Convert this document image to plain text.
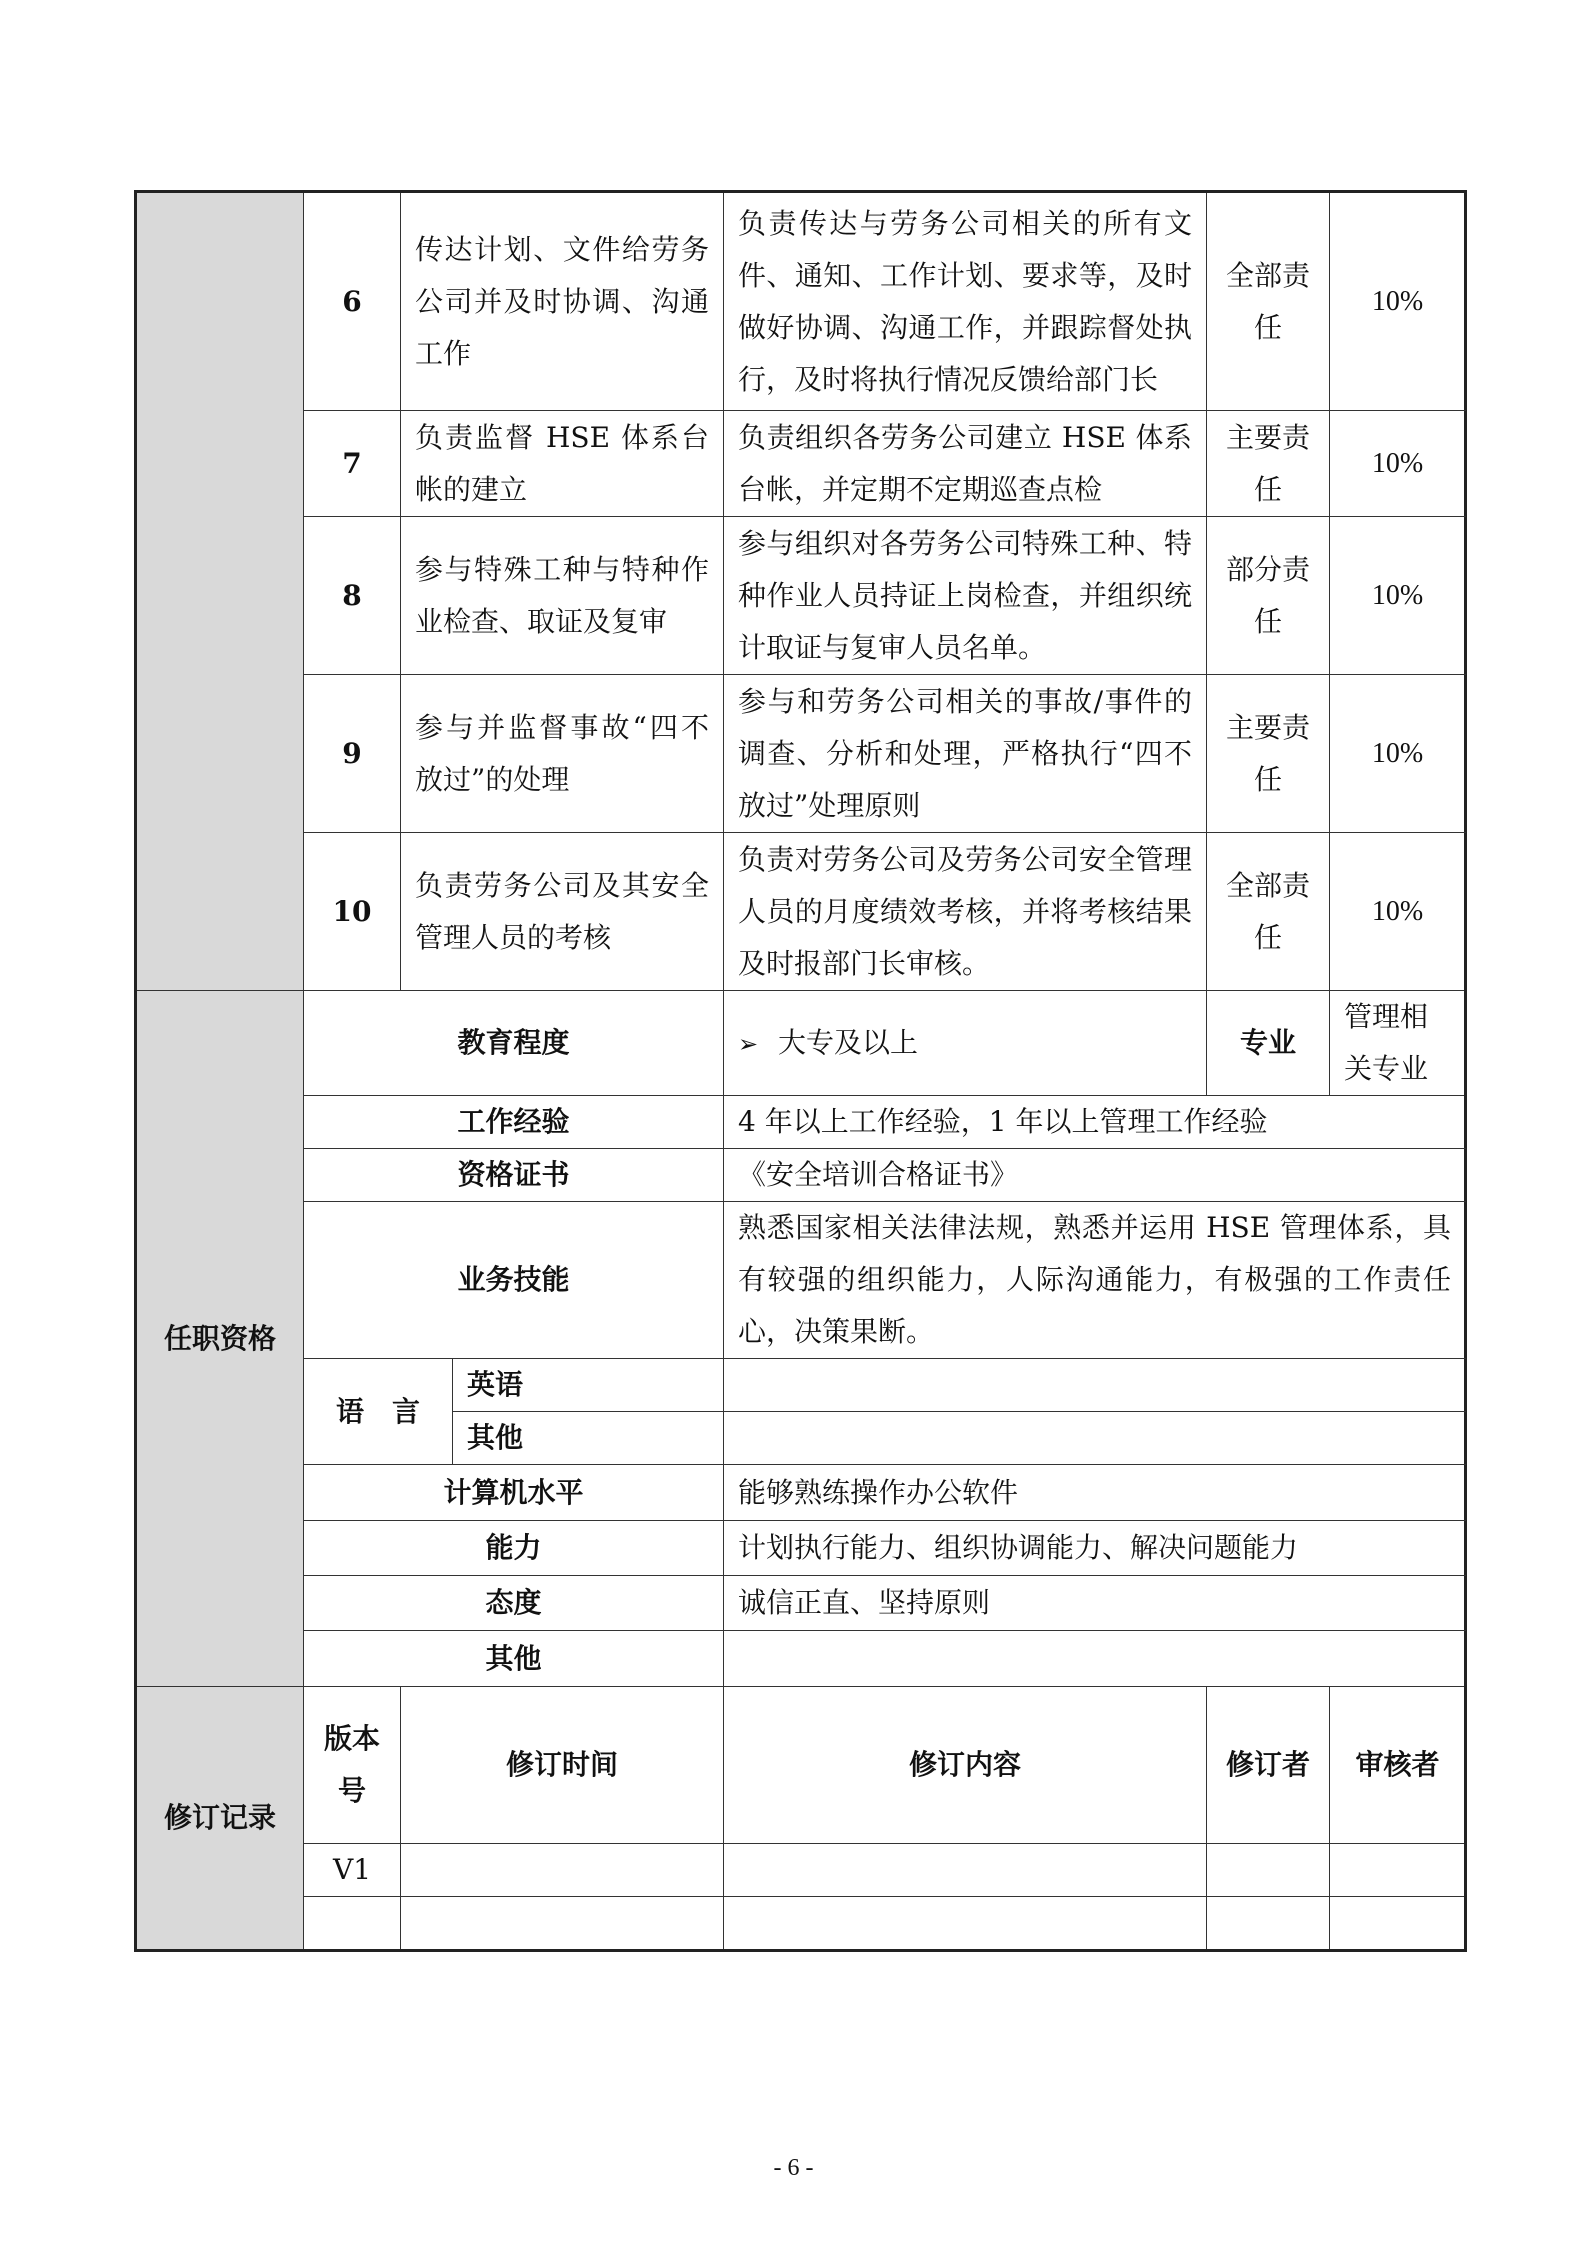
	6	传达计划、文件给劳务公司并及时协调、沟通工作		负责传达与劳务公司相关的所有文件、通知、工作计划、要求等，及时做好协调、沟通工作，并跟踪督处执行，及时将执行情况反馈给部门长	全部责任	10%	
	7	负责监督 HSE 体系台帐的建立		负责组织各劳务公司建立 HSE 体系台帐，并定期不定期巡查点检	主要责任	10%	
	8	参与特殊工种与特种作业检查、取证及复审		参与组织对各劳务公司特殊工种、特种作业人员持证上岗检查，并组织统计取证与复审人员名单。	部分责任	10%	
	9	参与并监督事故“四不放过”的处理		参与和劳务公司相关的事故/事件的调查、分析和处理，严格执行“四不放过”处理原则	主要责任	10%	
	10	负责劳务公司及其安全管理人员的考核		负责对劳务公司及劳务公司安全管理人员的月度绩效考核，并将考核结果及时报部门长审核。	全部责任	10%	
任职资格	教育程度			➢ 大专及以上	专业	管理相关专业	
	工作经验			4 年以上工作经验，1 年以上管理工作经验			
	资格证书			《安全培训合格证书》			
	业务技能			熟悉国家相关法律法规，熟悉并运用 HSE 管理体系，具有较强的组织能力，人际沟通能力，有极强的工作责任心，决策果断。			
	语　言		英语				
			其他				
	计算机水平			能够熟练操作办公软件			
	能力			计划执行能力、组织协调能力、解决问题能力			
	态度			诚信正直、坚持原则			
	其他						
修订记录	版本号	修订时间		修订内容	修订者	审核者	
	V1						

- 6 -
